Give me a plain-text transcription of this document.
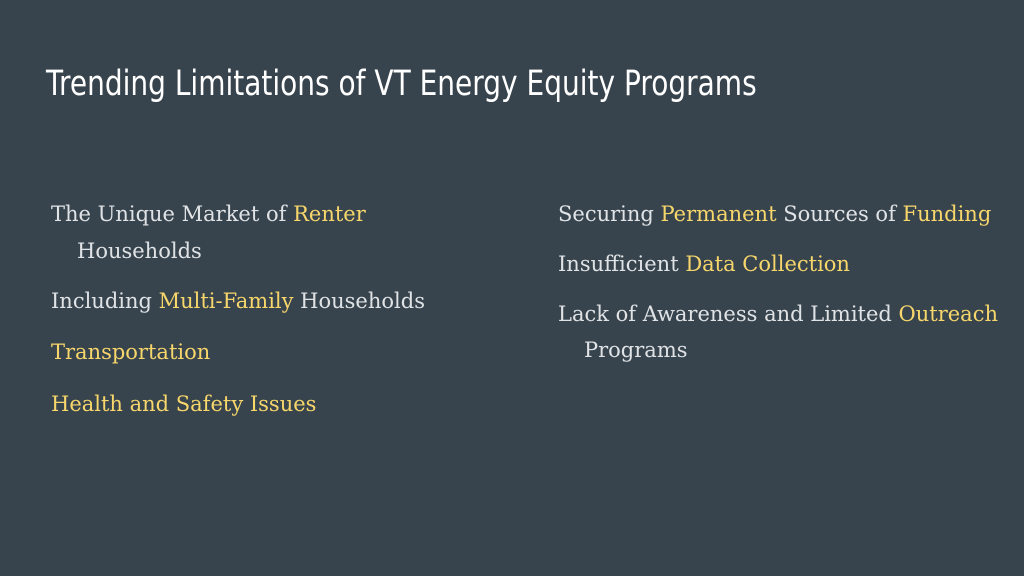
Trending Limitations of VT Energy Equity Programs

The Unique Market of Renter Households

Including Multi-Family Households

Transportation

Health and Safety Issues

Securing Permanent Sources of Funding

Insufficient Data Collection

Lack of Awareness and Limited Outreach Programs
